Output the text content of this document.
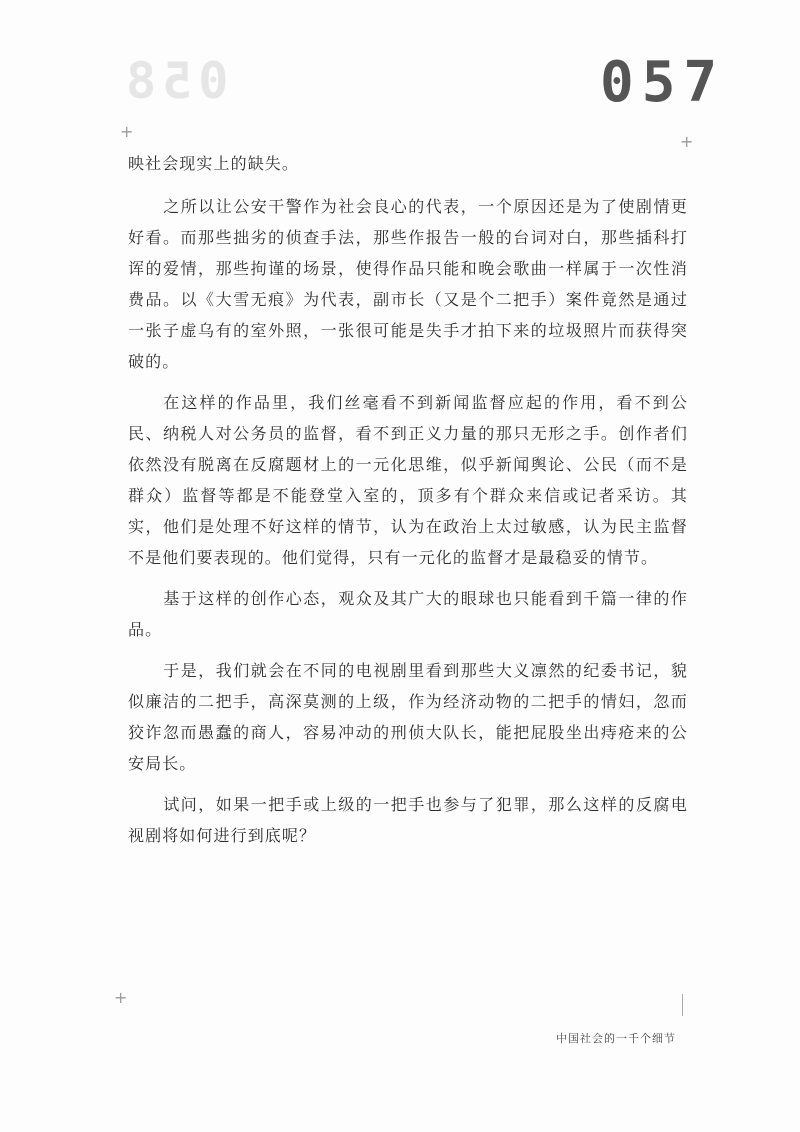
058	057
+
+
+

映社会现实上的缺失。

之所以让公安干警作为社会良心的代表，一个原因还是为了使剧情更好看。而那些拙劣的侦查手法，那些作报告一般的台词对白，那些插科打诨的爱情，那些拘谨的场景，使得作品只能和晚会歌曲一样属于一次性消费品。以《大雪无痕》为代表，副市长（又是个二把手）案件竟然是通过一张子虚乌有的室外照，一张很可能是失手才拍下来的垃圾照片而获得突破的。

在这样的作品里，我们丝毫看不到新闻监督应起的作用，看不到公民、纳税人对公务员的监督，看不到正义力量的那只无形之手。创作者们依然没有脱离在反腐题材上的一元化思维，似乎新闻舆论、公民（而不是群众）监督等都是不能登堂入室的，顶多有个群众来信或记者采访。其实，他们是处理不好这样的情节，认为在政治上太过敏感，认为民主监督不是他们要表现的。他们觉得，只有一元化的监督才是最稳妥的情节。

基于这样的创作心态，观众及其广大的眼球也只能看到千篇一律的作品。

于是，我们就会在不同的电视剧里看到那些大义凛然的纪委书记，貌似廉洁的二把手，高深莫测的上级，作为经济动物的二把手的情妇，忽而狡诈忽而愚蠢的商人，容易冲动的刑侦大队长，能把屁股坐出痔疮来的公安局长。

试问，如果一把手或上级的一把手也参与了犯罪，那么这样的反腐电视剧将如何进行到底呢？

中国社会的一千个细节
